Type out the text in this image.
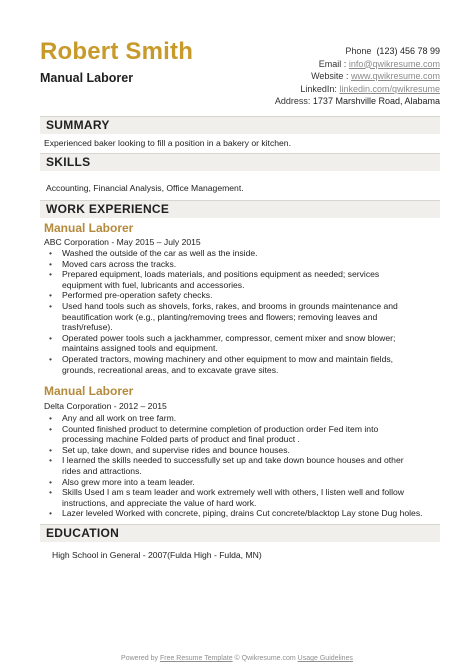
Robert Smith
Manual Laborer
Phone (123) 456 78 99
Email : info@qwikresume.com
Website : www.qwikresume.com
LinkedIn: linkedin.com/qwikresume
Address: 1737 Marshville Road, Alabama
SUMMARY
Experienced baker looking to fill a position in a bakery or kitchen.
SKILLS
Accounting, Financial Analysis, Office Management.
WORK EXPERIENCE
Manual Laborer
ABC Corporation - May 2015 – July 2015
• Washed the outside of the car as well as the inside.
• Moved cars across the tracks.
• Prepared equipment, loads materials, and positions equipment as needed; services
equipment with fuel, lubricants and accessories.
• Performed pre-operation safety checks.
• Used hand tools such as shovels, forks, rakes, and brooms in grounds maintenance and
beautification work (e.g., planting/removing trees and flowers; removing leaves and
trash/refuse).
• Operated power tools such a jackhammer, compressor, cement mixer and snow blower;
maintains assigned tools and equipment.
• Operated tractors, mowing machinery and other equipment to mow and maintain fields,
grounds, recreational areas, and to excavate grave sites.
Manual Laborer
Delta Corporation - 2012 – 2015
• Any and all work on tree farm.
• Counted finished product to determine completion of production order Fed item into
processing machine Folded parts of product and final product .
• Set up, take down, and supervise rides and bounce houses.
• I learned the skills needed to successfully set up and take down bounce houses and other
rides and attractions.
• Also grew more into a team leader.
• Skills Used I am s team leader and work extremely well with others, I listen well and follow
instructions, and appreciate the value of hard work.
• Lazer leveled Worked with concrete, piping, drains Cut concrete/blacktop Lay stone Dug holes.
EDUCATION
High School in General - 2007(Fulda High - Fulda, MN)
Powered by Free Resume Template © Qwikresume.com Usage Guidelines
